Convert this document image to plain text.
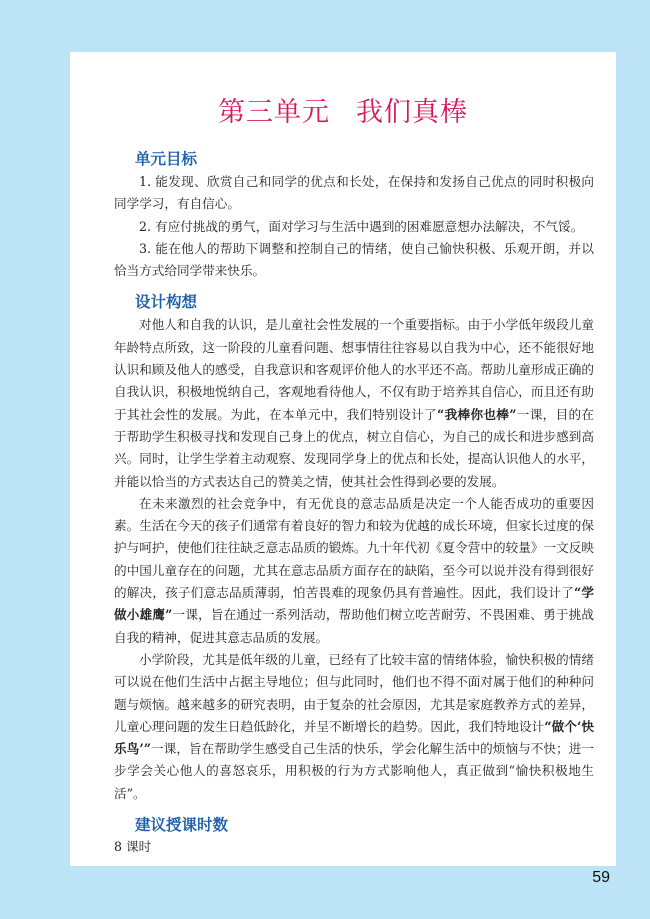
第三单元 我们真棒
单元目标

1. 能发现、欣赏自己和同学的优点和长处，在保持和发扬自己优点的同时积极向同学学习，有自信心。

2. 有应付挑战的勇气，面对学习与生活中遇到的困难愿意想办法解决，不气馁。

3. 能在他人的帮助下调整和控制自己的情绪，使自己愉快积极、乐观开朗，并以恰当方式给同学带来快乐。

设计构想

对他人和自我的认识，是儿童社会性发展的一个重要指标。由于小学低年级段儿童年龄特点所致，这一阶段的儿童看问题、想事情往往容易以自我为中心，还不能很好地认识和顾及他人的感受，自我意识和客观评价他人的水平还不高。帮助儿童形成正确的自我认识，积极地悦纳自己，客观地看待他人，不仅有助于培养其自信心，而且还有助于其社会性的发展。为此，在本单元中，我们特别设计了“我棒你也棒”一课，目的在于帮助学生积极寻找和发现自己身上的优点，树立自信心，为自己的成长和进步感到高兴。同时，让学生学着主动观察、发现同学身上的优点和长处，提高认识他人的水平，并能以恰当的方式表达自己的赞美之情，使其社会性得到必要的发展。

在未来激烈的社会竞争中，有无优良的意志品质是决定一个人能否成功的重要因素。生活在今天的孩子们通常有着良好的智力和较为优越的成长环境，但家长过度的保护与呵护，使他们往往缺乏意志品质的锻炼。九十年代初《夏令营中的较量》一文反映的中国儿童存在的问题，尤其在意志品质方面存在的缺陷，至今可以说并没有得到很好的解决，孩子们意志品质薄弱，怕苦畏难的现象仍具有普遍性。因此，我们设计了“学做小雄鹰”一课，旨在通过一系列活动，帮助他们树立吃苦耐劳、不畏困难、勇于挑战自我的精神，促进其意志品质的发展。

小学阶段，尤其是低年级的儿童，已经有了比较丰富的情绪体验，愉快积极的情绪可以说在他们生活中占据主导地位；但与此同时，他们也不得不面对属于他们的种种问题与烦恼。越来越多的研究表明，由于复杂的社会原因，尤其是家庭教养方式的差异，儿童心理问题的发生日趋低龄化，并呈不断增长的趋势。因此，我们特地设计“做个‘快乐鸟’”一课，旨在帮助学生感受自己生活的快乐，学会化解生活中的烦恼与不快；进一步学会关心他人的喜怒哀乐，用积极的行为方式影响他人，真正做到“愉快积极地生活”。

建议授课时数
8 课时
59
